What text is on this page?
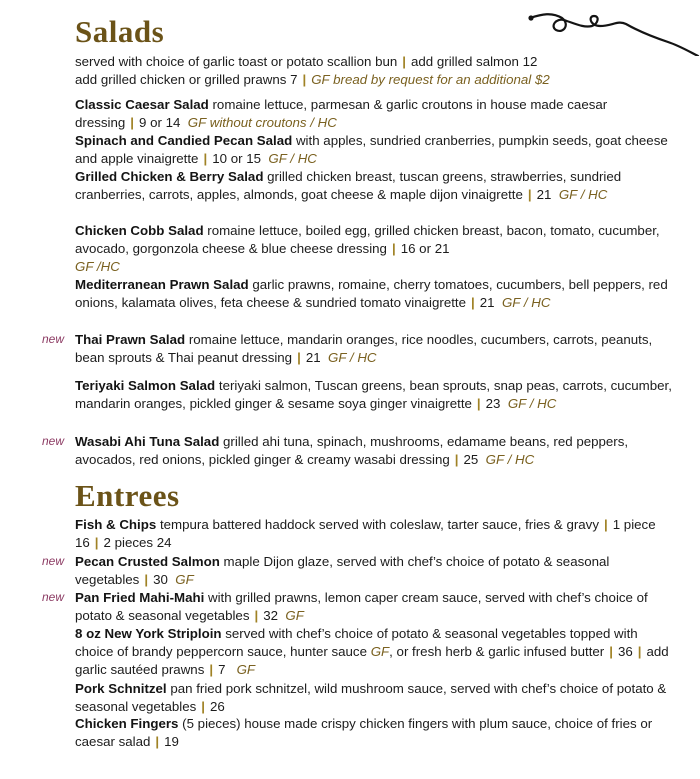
Salads

served with choice of garlic toast or potato scallion bun | add grilled salmon 12
add grilled chicken or grilled prawns 7 | GF bread by request for an additional $2

Classic Caesar Salad romaine lettuce, parmesan & garlic croutons in house made caesar dressing | 9 or 14 GF without croutons / HC

Spinach and Candied Pecan Salad with apples, sundried cranberries, pumpkin seeds, goat cheese and apple vinaigrette | 10 or 15 GF / HC

Grilled Chicken & Berry Salad grilled chicken breast, tuscan greens, strawberries, sundried cranberries, carrots, apples, almonds, goat cheese & maple dijon vinaigrette | 21 GF / HC

Chicken Cobb Salad romaine lettuce, boiled egg, grilled chicken breast, bacon, tomato, cucumber, avocado, gorgonzola cheese & blue cheese dressing | 16 or 21
GF /HC

Mediterranean Prawn Salad garlic prawns, romaine, cherry tomatoes, cucumbers, bell peppers, red onions, kalamata olives, feta cheese & sundried tomato vinaigrette | 21 GF / HC

new Thai Prawn Salad romaine lettuce, mandarin oranges, rice noodles, cucumbers, carrots, peanuts, bean sprouts & Thai peanut dressing | 21 GF / HC

Teriyaki Salmon Salad teriyaki salmon, Tuscan greens, bean sprouts, snap peas, carrots, cucumber, mandarin oranges, pickled ginger & sesame soya ginger vinaigrette | 23 GF / HC

new Wasabi Ahi Tuna Salad grilled ahi tuna, spinach, mushrooms, edamame beans, red peppers, avocados, red onions, pickled ginger & creamy wasabi dressing | 25 GF / HC

Entrees

Fish & Chips tempura battered haddock served with coleslaw, tarter sauce, fries & gravy | 1 piece 16 | 2 pieces 24

new Pecan Crusted Salmon maple Dijon glaze, served with chef’s choice of potato & seasonal vegetables | 30 GF

new Pan Fried Mahi-Mahi with grilled prawns, lemon caper cream sauce, served with chef’s choice of potato & seasonal vegetables | 32 GF

8 oz New York Striploin served with chef’s choice of potato & seasonal vegetables topped with choice of brandy peppercorn sauce, hunter sauce GF, or fresh herb & garlic infused butter | 36 | add garlic sautéed prawns | 7 GF

Pork Schnitzel pan fried pork schnitzel, wild mushroom sauce, served with chef’s choice of potato & seasonal vegetables | 26

Chicken Fingers (5 pieces) house made crispy chicken fingers with plum sauce, choice of fries or caesar salad | 19
